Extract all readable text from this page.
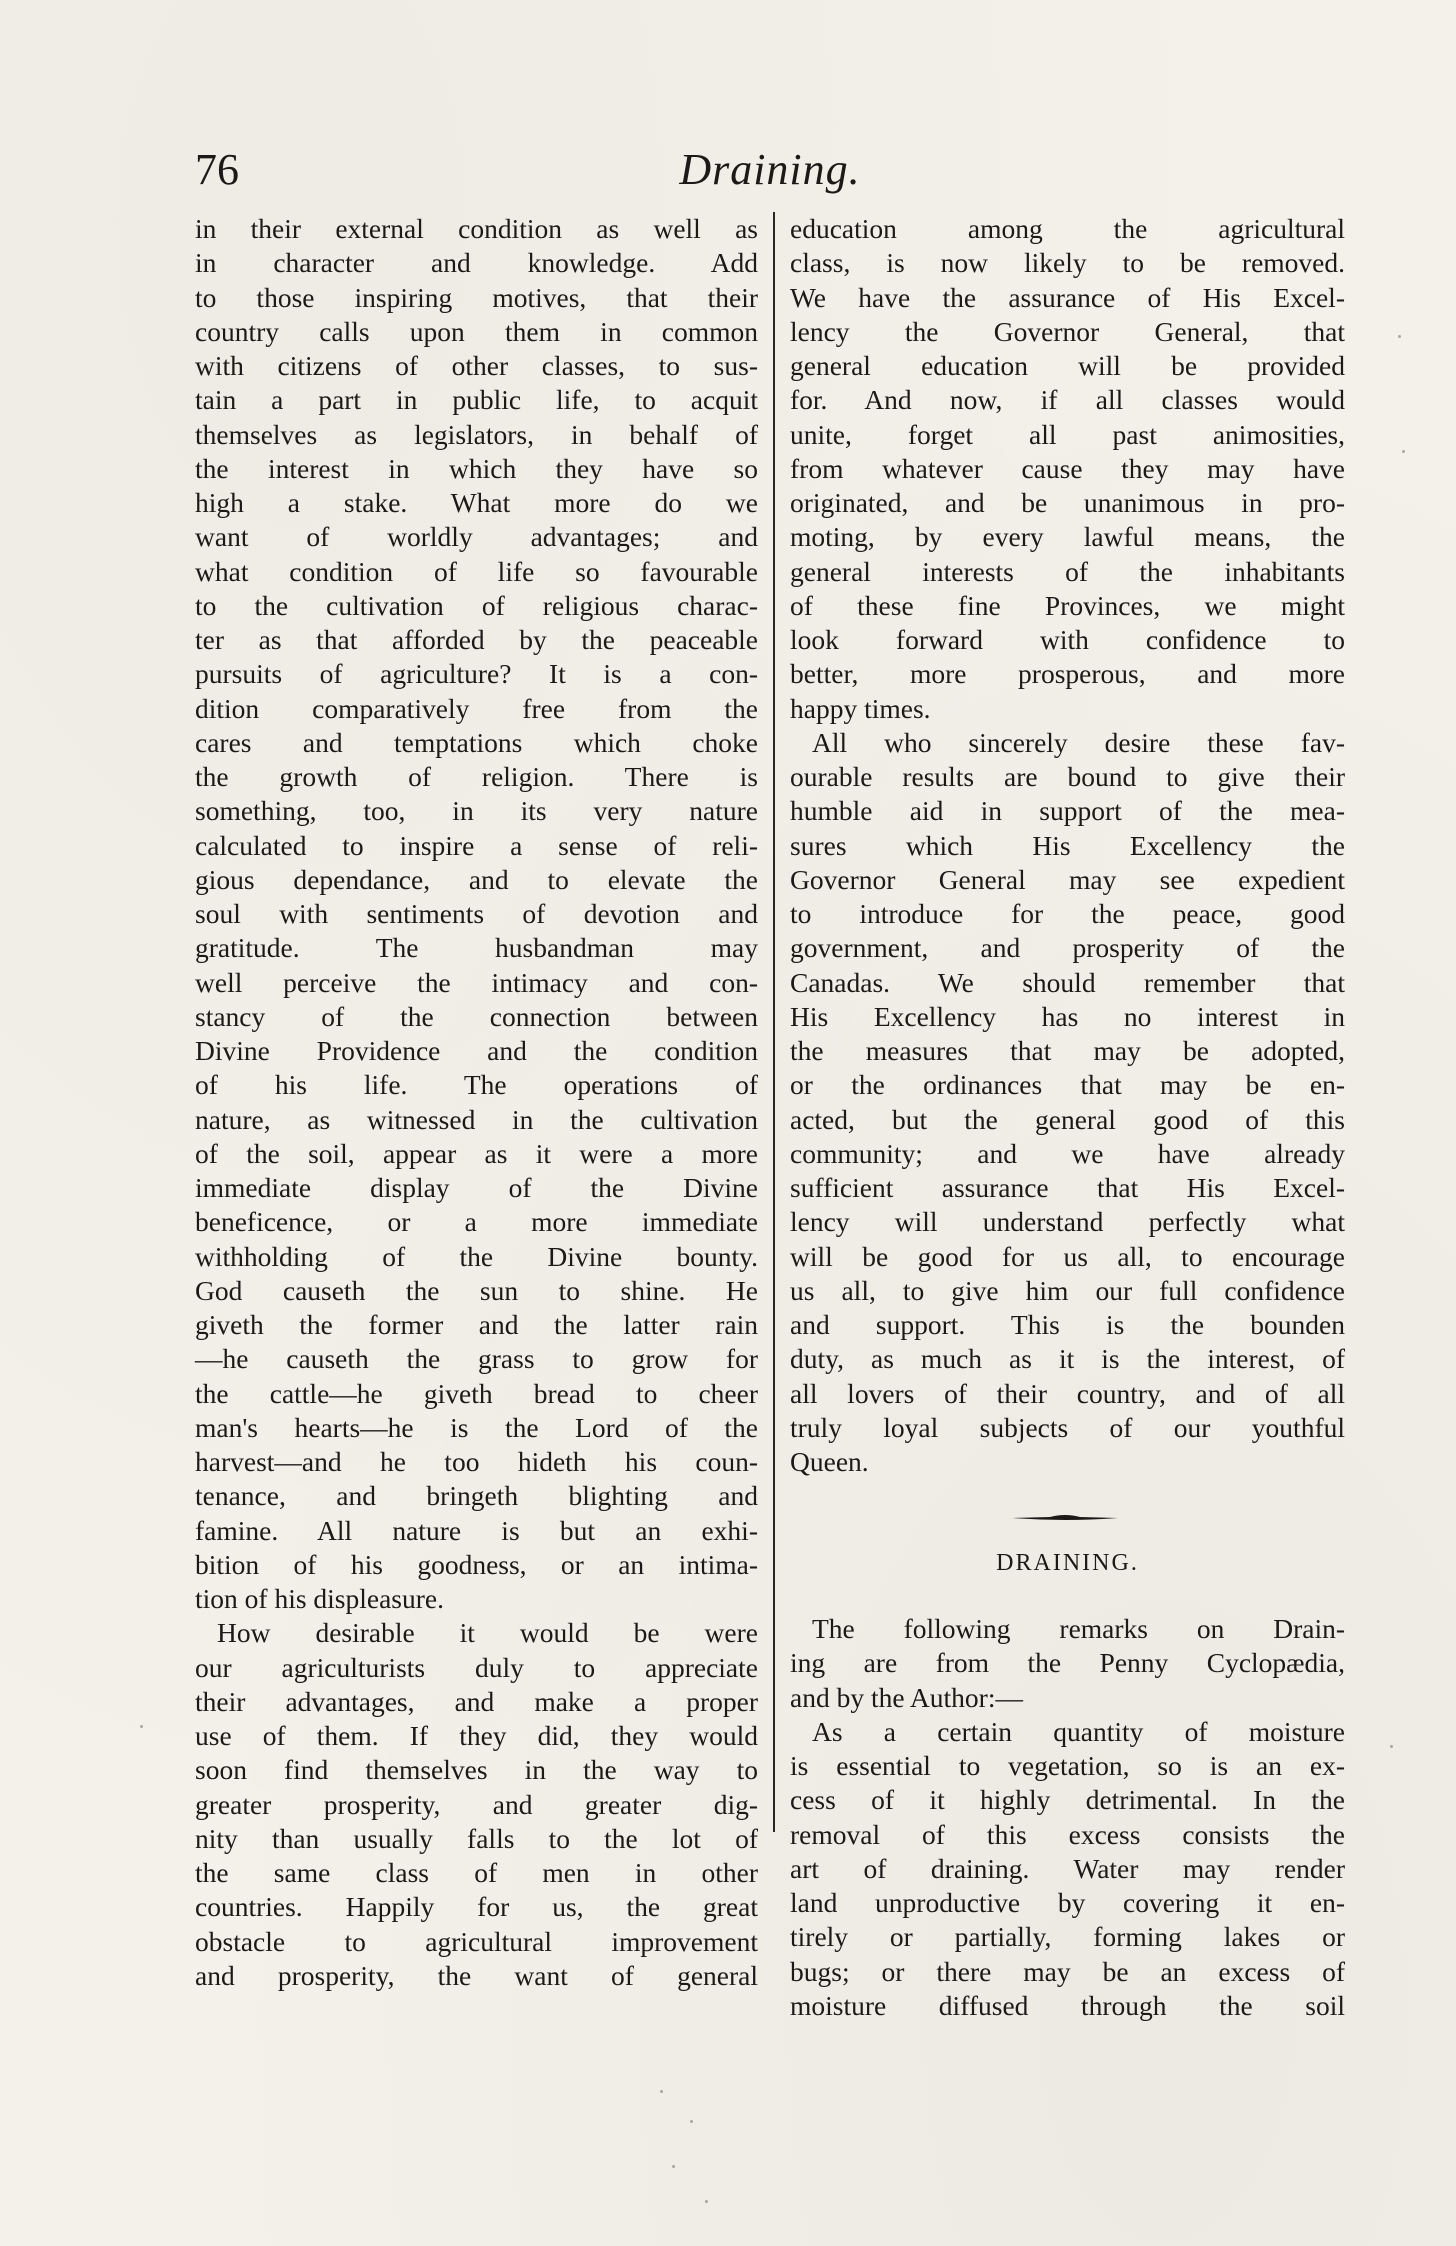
76	Draining.
in their external condition as well as
in character and knowledge. Add
to those inspiring motives, that their
country calls upon them in common
with citizens of other classes, to sus-
tain a part in public life, to acquit
themselves as legislators, in behalf of
the interest in which they have so
high a stake. What more do we
want of worldly advantages; and
what condition of life so favourable
to the cultivation of religious charac-
ter as that afforded by the peaceable
pursuits of agriculture? It is a con-
dition comparatively free from the
cares and temptations which choke
the growth of religion. There is
something, too, in its very nature
calculated to inspire a sense of reli-
gious dependance, and to elevate the
soul with sentiments of devotion and
gratitude. The husbandman may
well perceive the intimacy and con-
stancy of the connection between
Divine Providence and the condition
of his life. The operations of
nature, as witnessed in the cultivation
of the soil, appear as it were a more
immediate display of the Divine
beneficence, or a more immediate
withholding of the Divine bounty.
God causeth the sun to shine. He
giveth the former and the latter rain
—he causeth the grass to grow for
the cattle—he giveth bread to cheer
man's hearts—he is the Lord of the
harvest—and he too hideth his coun-
tenance, and bringeth blighting and
famine. All nature is but an exhi-
bition of his goodness, or an intima-
tion of his displeasure.
How desirable it would be were
our agriculturists duly to appreciate
their advantages, and make a proper
use of them. If they did, they would
soon find themselves in the way to
greater prosperity, and greater dig-
nity than usually falls to the lot of
the same class of men in other
countries. Happily for us, the great
obstacle to agricultural improvement
and prosperity, the want of general
education among the agricultural
class, is now likely to be removed.
We have the assurance of His Excel-
lency the Governor General, that
general education will be provided
for. And now, if all classes would
unite, forget all past animosities,
from whatever cause they may have
originated, and be unanimous in pro-
moting, by every lawful means, the
general interests of the inhabitants
of these fine Provinces, we might
look forward with confidence to
better, more prosperous, and more
happy times.
All who sincerely desire these fav-
ourable results are bound to give their
humble aid in support of the mea-
sures which His Excellency the
Governor General may see expedient
to introduce for the peace, good
government, and prosperity of the
Canadas. We should remember that
His Excellency has no interest in
the measures that may be adopted,
or the ordinances that may be en-
acted, but the general good of this
community; and we have already
sufficient assurance that His Excel-
lency will understand perfectly what
will be good for us all, to encourage
us all, to give him our full confidence
and support. This is the bounden
duty, as much as it is the interest, of
all lovers of their country, and of all
truly loyal subjects of our youthful
Queen.
DRAINING.
The following remarks on Drain-
ing are from the Penny Cyclopædia,
and by the Author:—
As a certain quantity of moisture
is essential to vegetation, so is an ex-
cess of it highly detrimental. In the
removal of this excess consists the
art of draining. Water may render
land unproductive by covering it en-
tirely or partially, forming lakes or
bugs; or there may be an excess of
moisture diffused through the soil
